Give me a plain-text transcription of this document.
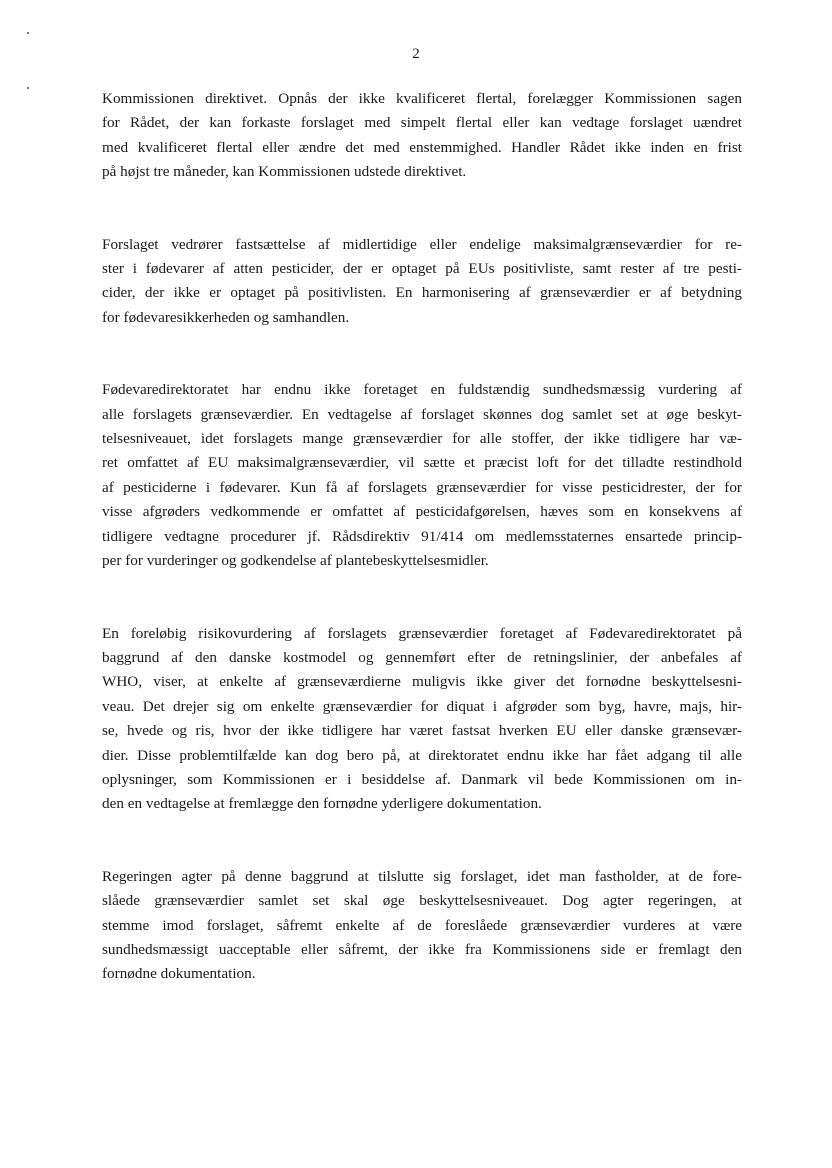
2

Kommissionen direktivet. Opnås der ikke kvalificeret flertal, forelægger Kommissionen sagen
for Rådet, der kan forkaste forslaget med simpelt flertal eller kan vedtage forslaget uændret
med kvalificeret flertal eller ændre det med enstemmighed. Handler Rådet ikke inden en frist
på højst tre måneder, kan Kommissionen udstede direktivet.

Forslaget vedrører fastsættelse af midlertidige eller endelige maksimalgrænseværdier for re-
ster i fødevarer af atten pesticider, der er optaget på EUs positivliste, samt rester af tre pesti-
cider, der ikke er optaget på positivlisten. En harmonisering af grænseværdier er af betydning
for fødevaresikkerheden og samhandlen.

Fødevaredirektoratet har endnu ikke foretaget en fuldstændig sundhedsmæssig vurdering af
alle forslagets grænseværdier. En vedtagelse af forslaget skønnes dog samlet set at øge beskyt-
telsesniveauet, idet forslagets mange grænseværdier for alle stoffer, der ikke tidligere har væ-
ret omfattet af EU maksimalgrænseværdier, vil sætte et præcist loft for det tilladte restindhold
af pesticiderne i fødevarer. Kun få af forslagets grænseværdier for visse pesticidrester, der for
visse afgrøders vedkommende er omfattet af pesticidafgørelsen, hæves som en konsekvens af
tidligere vedtagne procedurer jf. Rådsdirektiv 91/414 om medlemsstaternes ensartede princip-
per for vurderinger og godkendelse af plantebeskyttelsesmidler.

En foreløbig risikovurdering af forslagets grænseværdier foretaget af Fødevaredirektoratet på
baggrund af den danske kostmodel og gennemført efter de retningslinier, der anbefales af
WHO, viser, at enkelte af grænseværdierne muligvis ikke giver det fornødne beskyttelsesni-
veau. Det drejer sig om enkelte grænseværdier for diquat i afgrøder som byg, havre, majs, hir-
se, hvede og ris, hvor der ikke tidligere har været fastsat hverken EU eller danske grænsevær-
dier. Disse problemtilfælde kan dog bero på, at direktoratet endnu ikke har fået adgang til alle
oplysninger, som Kommissionen er i besiddelse af. Danmark vil bede Kommissionen om in-
den en vedtagelse at fremlægge den fornødne yderligere dokumentation.

Regeringen agter på denne baggrund at tilslutte sig forslaget, idet man fastholder, at de fore-
slåede grænseværdier samlet set skal øge beskyttelsesniveauet. Dog agter regeringen, at
stemme imod forslaget, såfremt enkelte af de foreslåede grænseværdier vurderes at være
sundhedsmæssigt uacceptable eller såfremt, der ikke fra Kommissionens side er fremlagt den
fornødne dokumentation.
